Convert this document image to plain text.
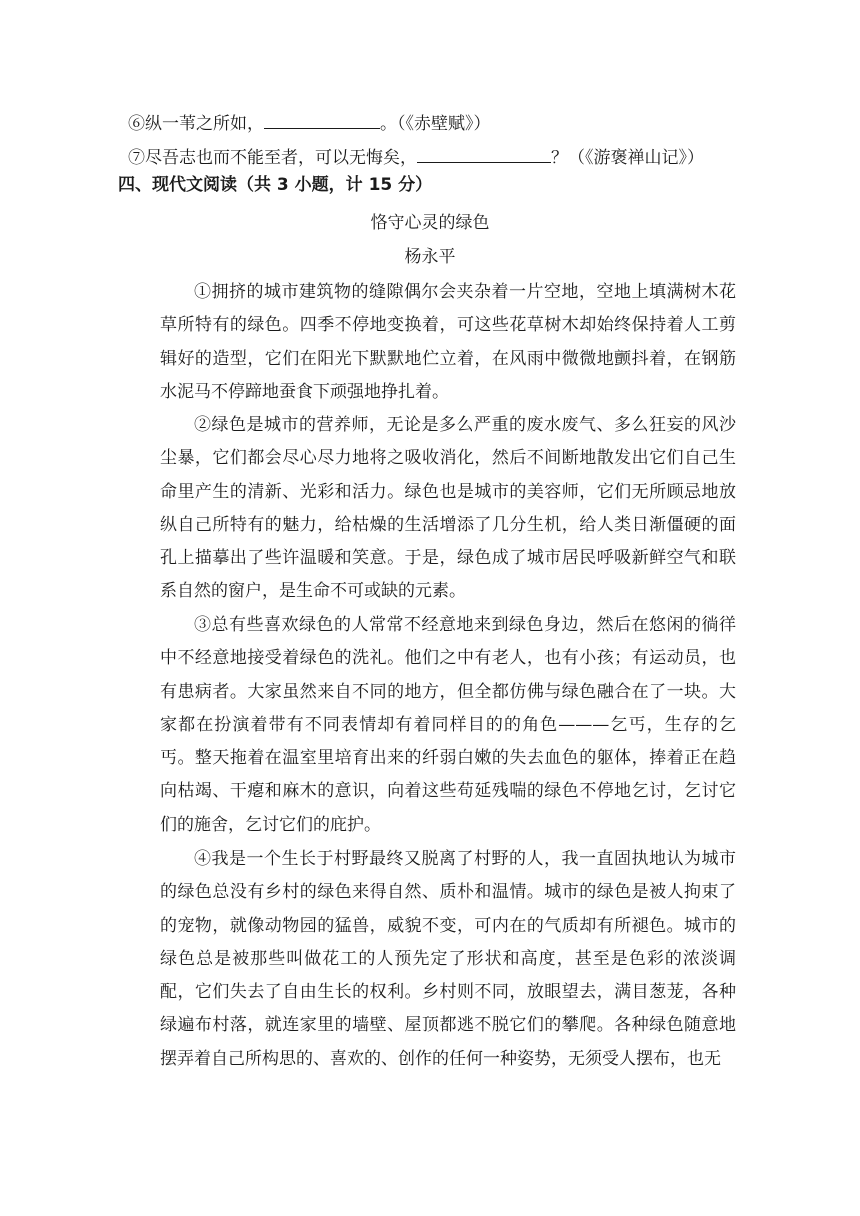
⑥纵一苇之所如，	。（《赤壁赋》）
⑦尽吾志也而不能至者，可以无悔矣，	？（《游褒禅山记》）
四、现代文阅读（共 3 小题，计 15 分）
恪守心灵的绿色
杨永平

①拥挤的城市建筑物的缝隙偶尔会夹杂着一片空地，空地上填满树木花草所特有的绿色。四季不停地变换着，可这些花草树木却始终保持着人工剪辑好的造型，它们在阳光下默默地伫立着，在风雨中微微地颤抖着，在钢筋水泥马不停蹄地蚕食下顽强地挣扎着。

②绿色是城市的营养师，无论是多么严重的废水废气、多么狂妄的风沙尘暴，它们都会尽心尽力地将之吸收消化，然后不间断地散发出它们自己生命里产生的清新、光彩和活力。绿色也是城市的美容师，它们无所顾忌地放纵自己所特有的魅力，给枯燥的生活增添了几分生机，给人类日渐僵硬的面孔上描摹出了些许温暖和笑意。于是，绿色成了城市居民呼吸新鲜空气和联系自然的窗户，是生命不可或缺的元素。

③总有些喜欢绿色的人常常不经意地来到绿色身边，然后在悠闲的徜徉中不经意地接受着绿色的洗礼。他们之中有老人，也有小孩；有运动员，也有患病者。大家虽然来自不同的地方，但全都仿佛与绿色融合在了一块。大家都在扮演着带有不同表情却有着同样目的的角色———乞丐，生存的乞丐。整天拖着在温室里培育出来的纤弱白嫩的失去血色的躯体，捧着正在趋向枯竭、干瘪和麻木的意识，向着这些苟延残喘的绿色不停地乞讨，乞讨它们的施舍，乞讨它们的庇护。

④我是一个生长于村野最终又脱离了村野的人，我一直固执地认为城市的绿色总没有乡村的绿色来得自然、质朴和温情。城市的绿色是被人拘束了的宠物，就像动物园的猛兽，威貌不变，可内在的气质却有所褪色。城市的绿色总是被那些叫做花工的人预先定了形状和高度，甚至是色彩的浓淡调配，它们失去了自由生长的权利。乡村则不同，放眼望去，满目葱茏，各种绿遍布村落，就连家里的墙壁、屋顶都逃不脱它们的攀爬。各种绿色随意地摆弄着自己所构思的、喜欢的、创作的任何一种姿势，无须受人摆布，也无
